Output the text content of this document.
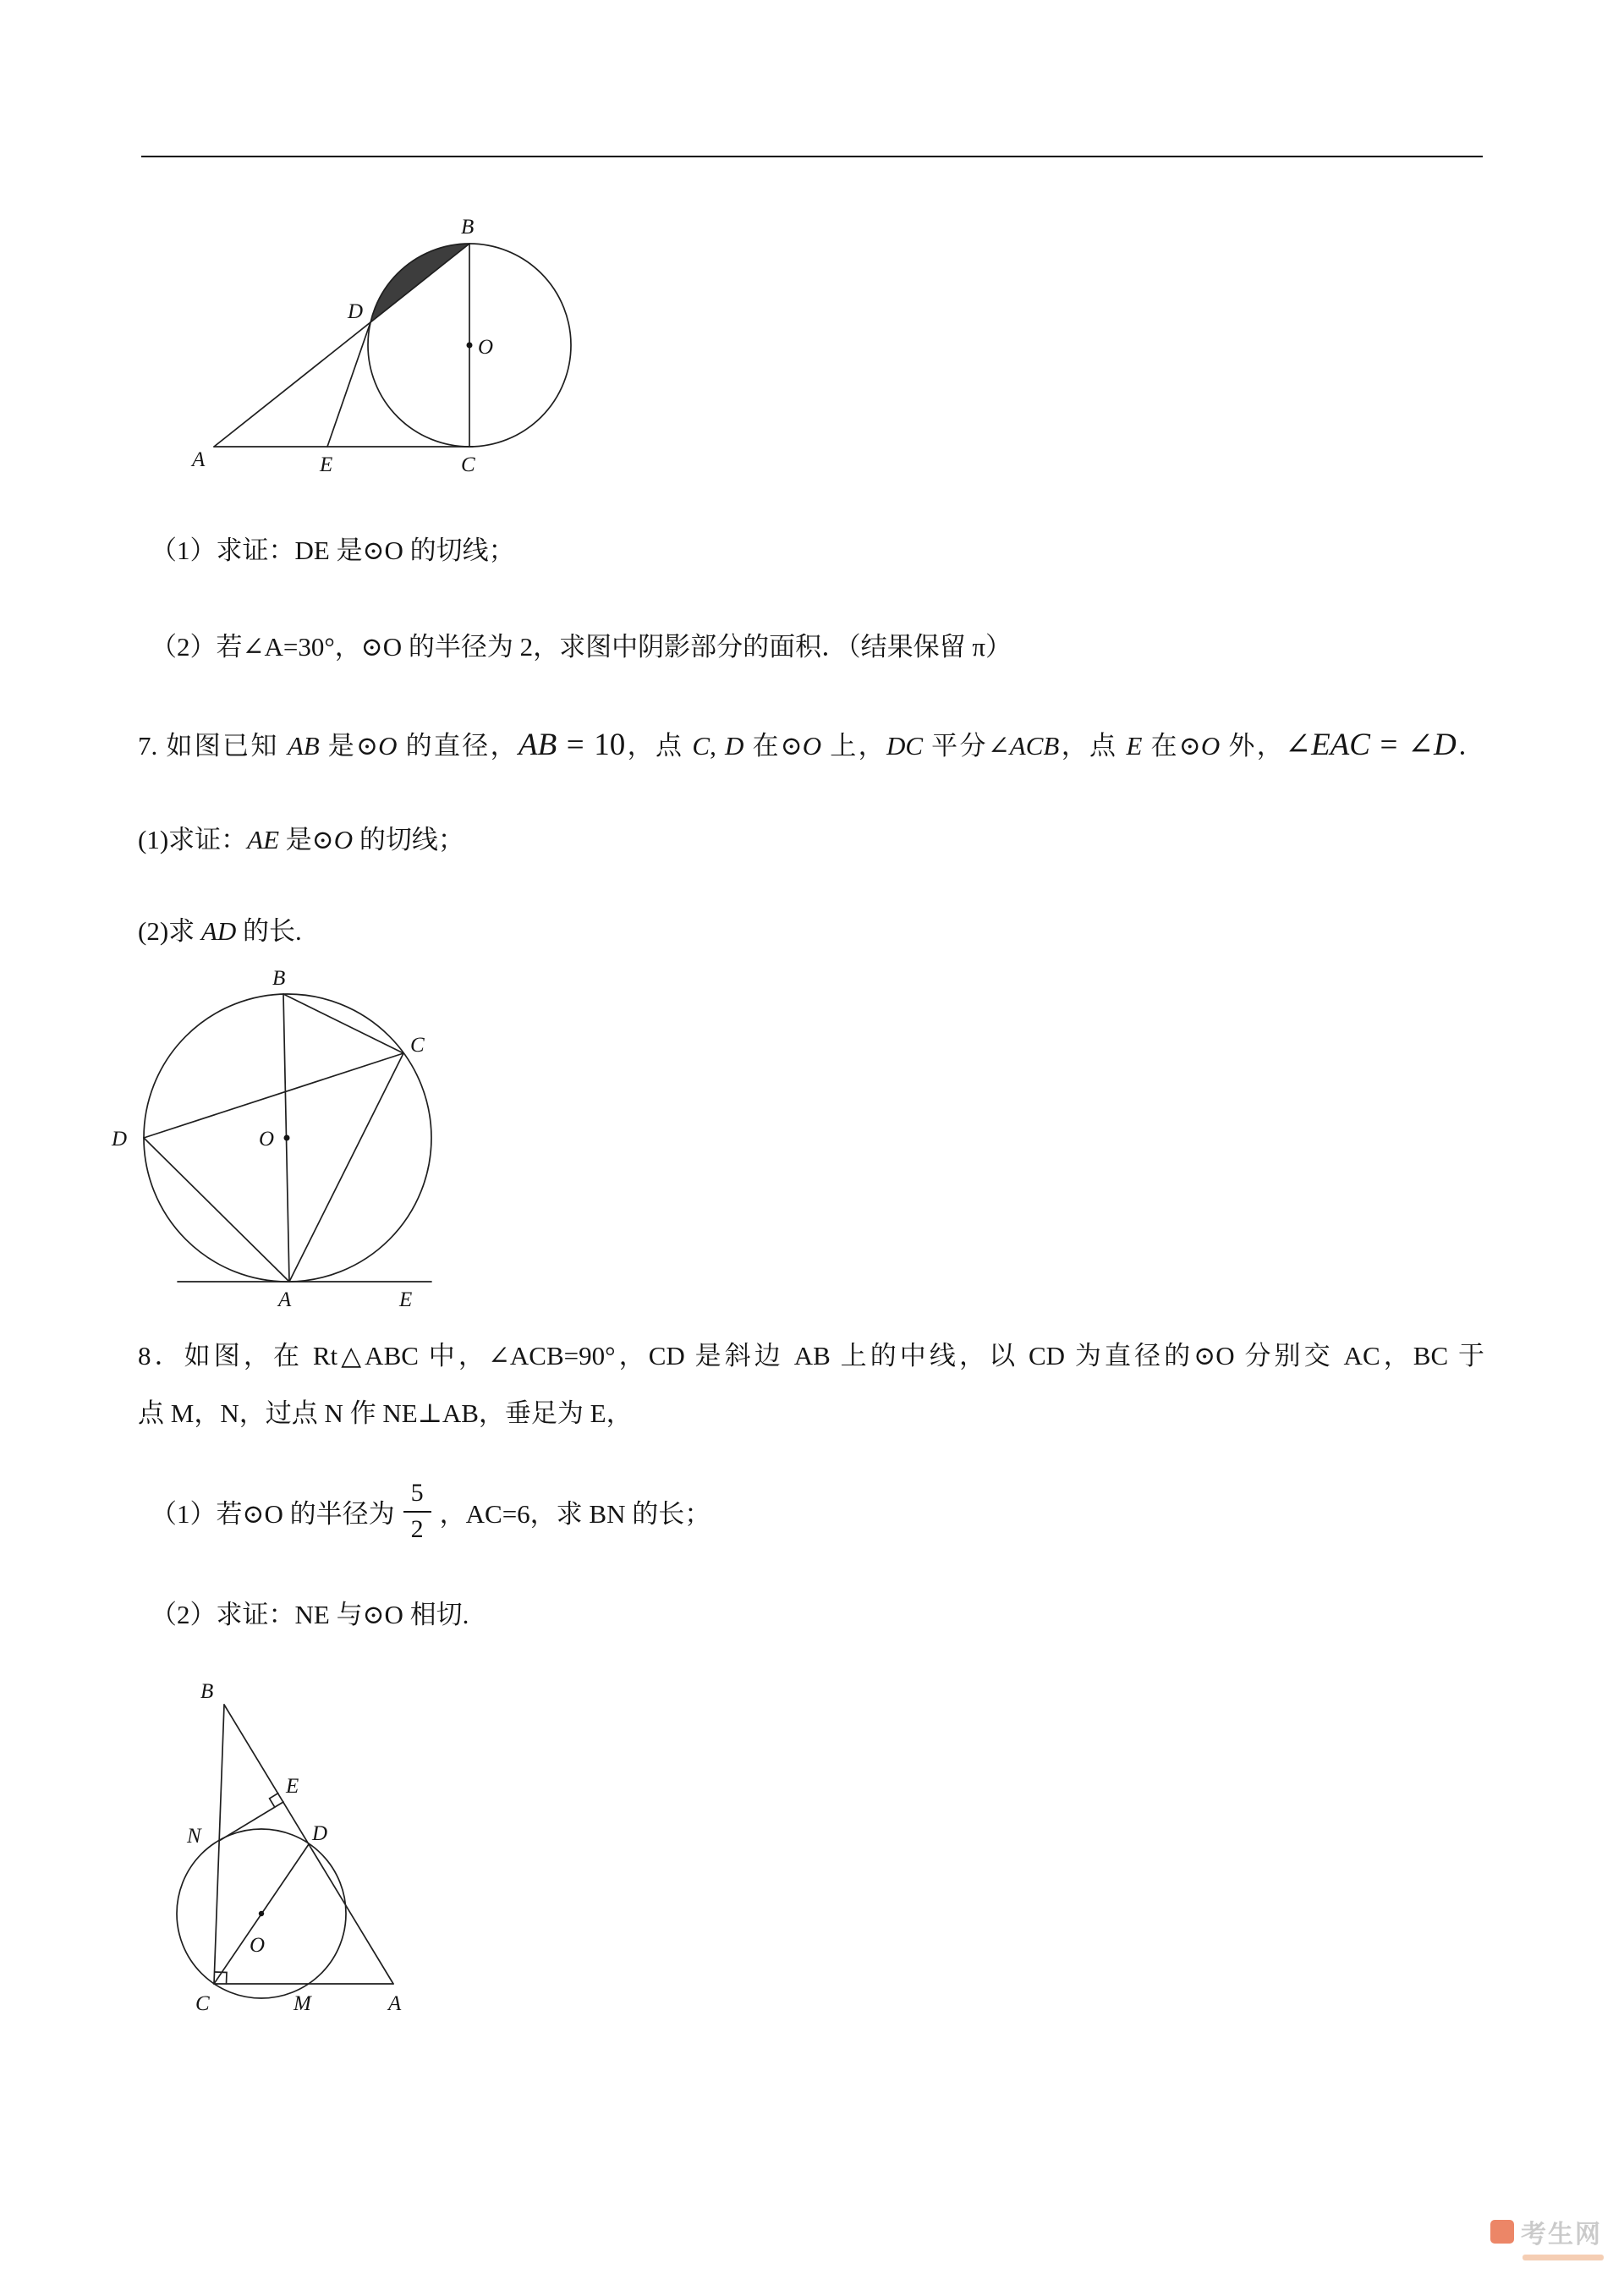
B
D
O
A	E	C
（1）求证：DE 是⊙O 的切线；
（2）若∠A=30°，⊙O 的半径为 2，求图中阴影部分的面积．（结果保留 π）
7. 如图已知 AB 是⊙O 的直径，AB = 10，点 C, D 在⊙O 上，DC 平分∠ACB，点 E 在⊙O 外，∠EAC = ∠D．
(1)求证：AE 是⊙O 的切线；
(2)求 AD 的长.
B
C
D	O
A	E
8．如图，在 Rt△ABC 中，∠ACB=90°，CD 是斜边 AB 上的中线，以 CD 为直径的⊙O 分别交 AC，BC 于
点 M，N，过点 N 作 NE⊥AB，垂足为 E，
（1）若⊙O 的半径为 $\frac{5}{2}$ ，AC=6，求 BN 的长；
（2）求证：NE 与⊙O 相切.
B
E
N	D
O
C	M	A
考生网
